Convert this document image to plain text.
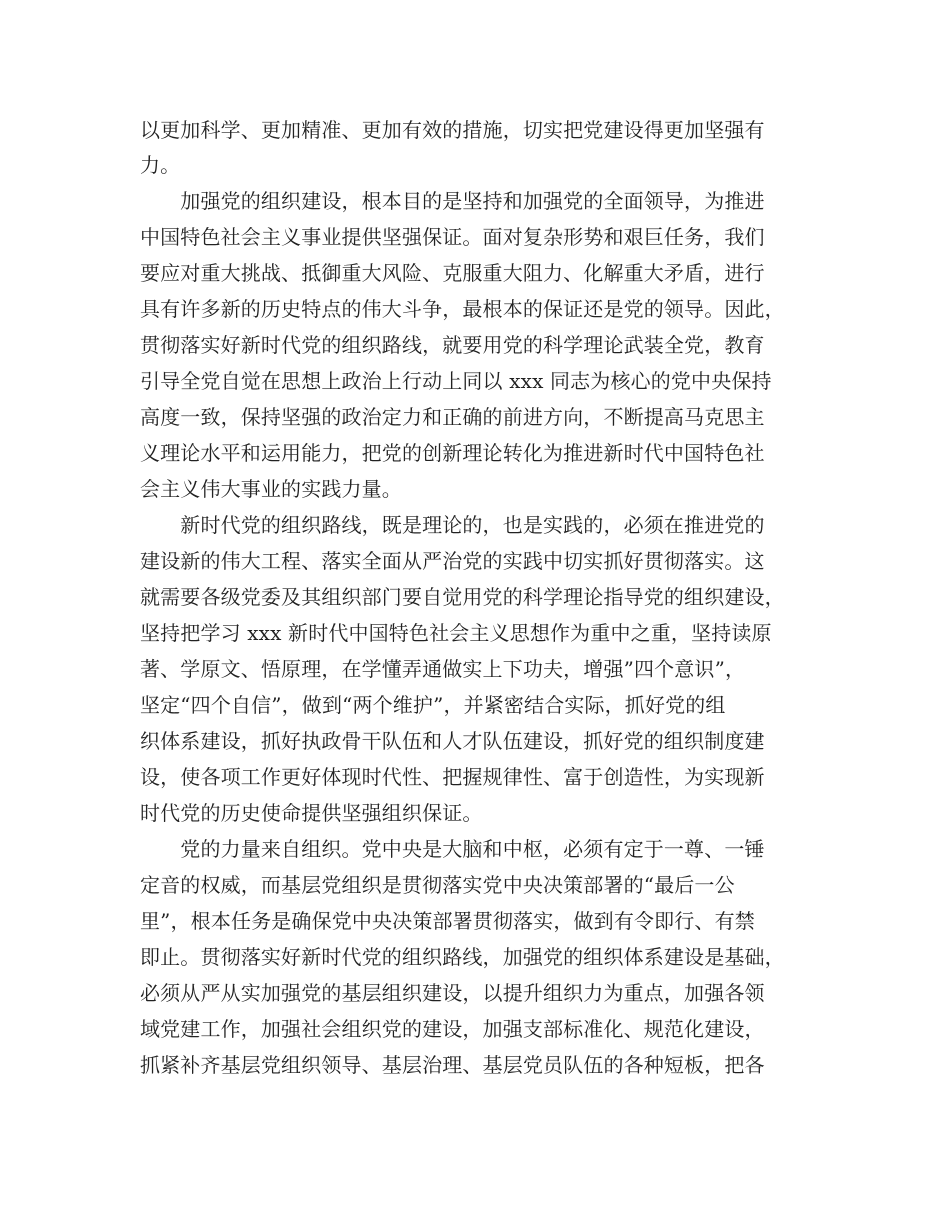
以更加科学、更加精准、更加有效的措施，切实把党建设得更加坚强有
力。
　　加强党的组织建设，根本目的是坚持和加强党的全面领导，为推进
中国特色社会主义事业提供坚强保证。面对复杂形势和艰巨任务，我们
要应对重大挑战、抵御重大风险、克服重大阻力、化解重大矛盾，进行
具有许多新的历史特点的伟大斗争，最根本的保证还是党的领导。因此，
贯彻落实好新时代党的组织路线，就要用党的科学理论武装全党，教育
引导全党自觉在思想上政治上行动上同以 xxx 同志为核心的党中央保持
高度一致，保持坚强的政治定力和正确的前进方向，不断提高马克思主
义理论水平和运用能力，把党的创新理论转化为推进新时代中国特色社
会主义伟大事业的实践力量。
　　新时代党的组织路线，既是理论的，也是实践的，必须在推进党的
建设新的伟大工程、落实全面从严治党的实践中切实抓好贯彻落实。这
就需要各级党委及其组织部门要自觉用党的科学理论指导党的组织建设，
坚持把学习 xxx 新时代中国特色社会主义思想作为重中之重，坚持读原
著、学原文、悟原理，在学懂弄通做实上下功夫，增强”四个意识”，
坚定“四个自信”，做到“两个维护”，并紧密结合实际，抓好党的组
织体系建设，抓好执政骨干队伍和人才队伍建设，抓好党的组织制度建
设，使各项工作更好体现时代性、把握规律性、富于创造性，为实现新
时代党的历史使命提供坚强组织保证。
　　党的力量来自组织。党中央是大脑和中枢，必须有定于一尊、一锤
定音的权威，而基层党组织是贯彻落实党中央决策部署的“最后一公
里”，根本任务是确保党中央决策部署贯彻落实，做到有令即行、有禁
即止。贯彻落实好新时代党的组织路线，加强党的组织体系建设是基础，
必须从严从实加强党的基层组织建设，以提升组织力为重点，加强各领
域党建工作，加强社会组织党的建设，加强支部标准化、规范化建设，
抓紧补齐基层党组织领导、基层治理、基层党员队伍的各种短板，把各
